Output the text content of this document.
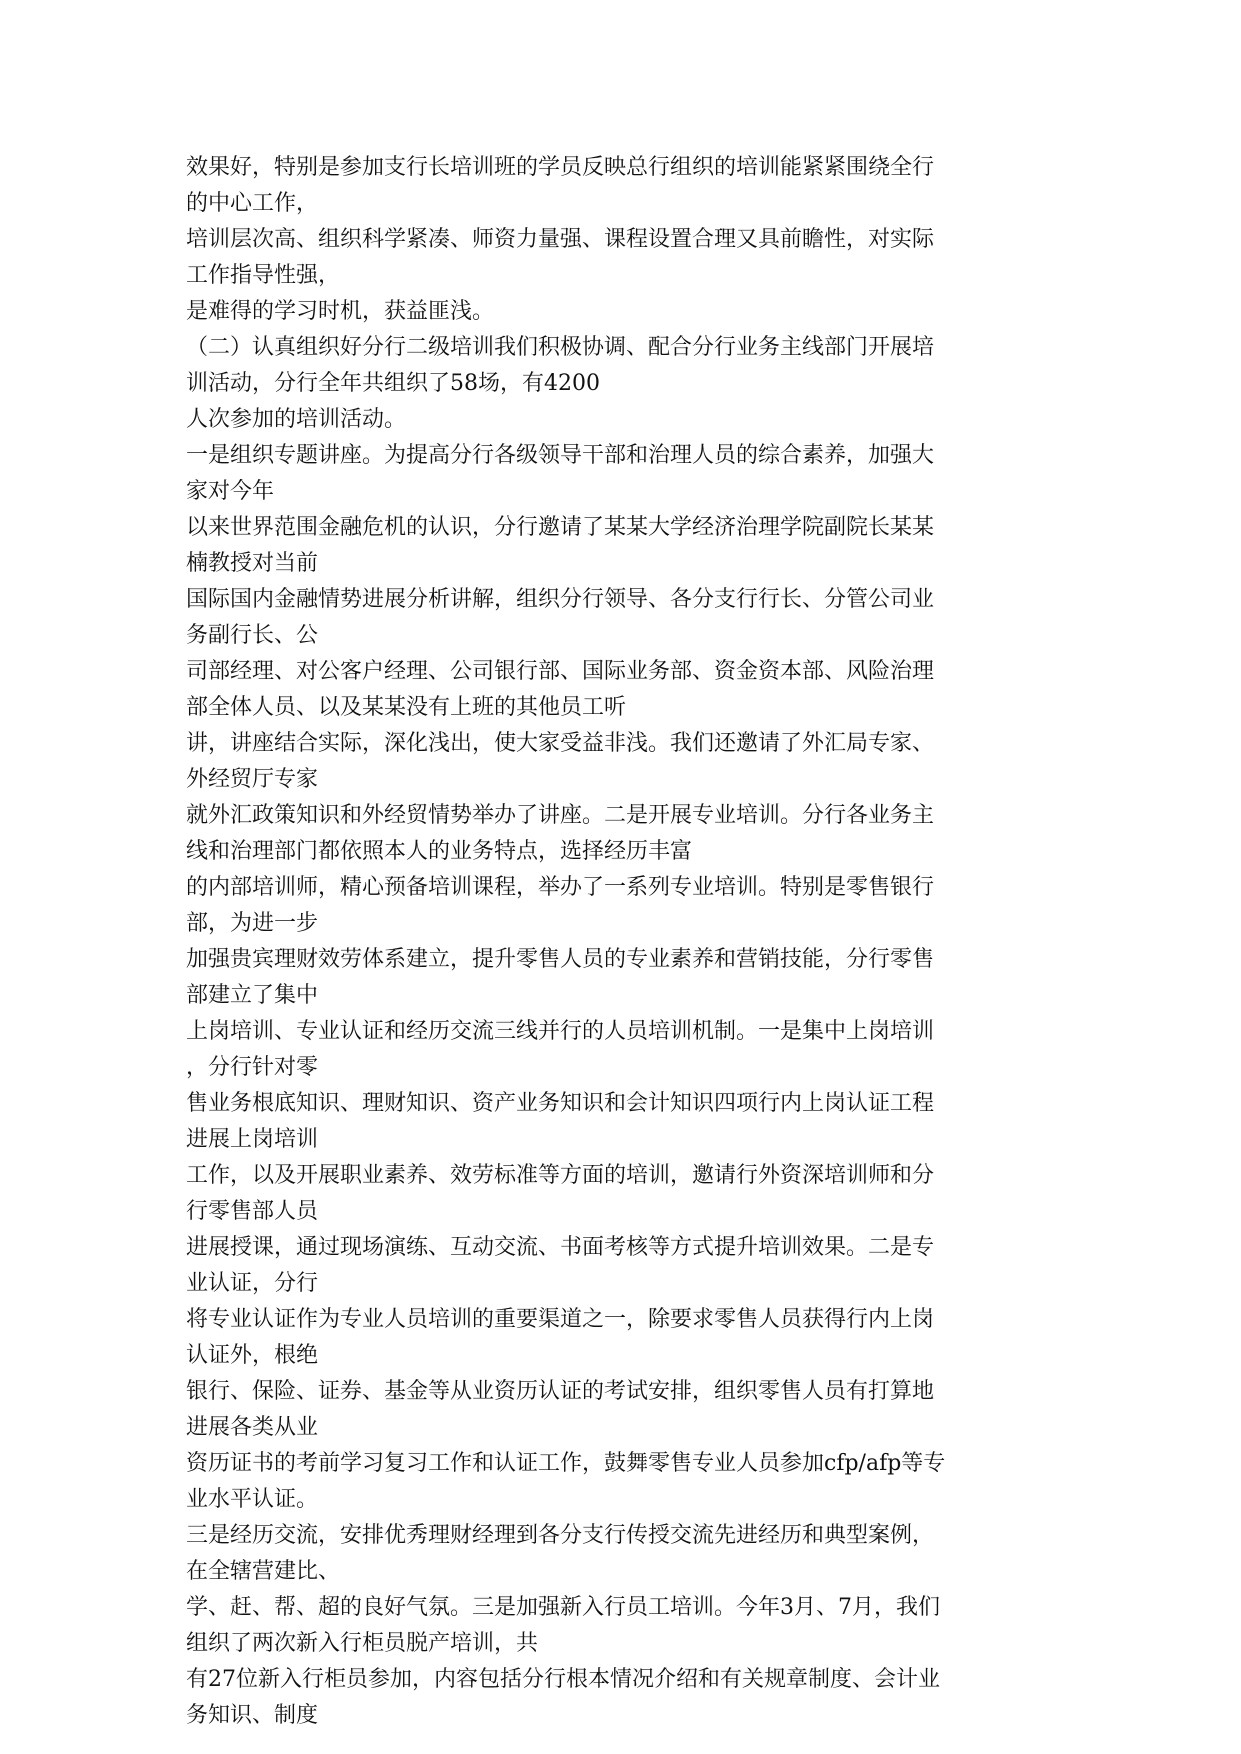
效果好，特别是参加支行长培训班的学员反映总行组织的培训能紧紧围绕全行
的中心工作，
培训层次高、组织科学紧凑、师资力量强、课程设置合理又具前瞻性，对实际
工作指导性强，
是难得的学习时机，获益匪浅。
（二）认真组织好分行二级培训我们积极协调、配合分行业务主线部门开展培
训活动，分行全年共组织了58场，有4200
人次参加的培训活动。
一是组织专题讲座。为提高分行各级领导干部和治理人员的综合素养，加强大
家对今年
以来世界范围金融危机的认识，分行邀请了某某大学经济治理学院副院长某某
楠教授对当前
国际国内金融情势进展分析讲解，组织分行领导、各分支行行长、分管公司业
务副行长、公
司部经理、对公客户经理、公司银行部、国际业务部、资金资本部、风险治理
部全体人员、以及某某没有上班的其他员工听
讲，讲座结合实际，深化浅出，使大家受益非浅。我们还邀请了外汇局专家、
外经贸厅专家
就外汇政策知识和外经贸情势举办了讲座。二是开展专业培训。分行各业务主
线和治理部门都依照本人的业务特点，选择经历丰富
的内部培训师，精心预备培训课程，举办了一系列专业培训。特别是零售银行
部，为进一步
加强贵宾理财效劳体系建立，提升零售人员的专业素养和营销技能，分行零售
部建立了集中
上岗培训、专业认证和经历交流三线并行的人员培训机制。一是集中上岗培训
，分行针对零
售业务根底知识、理财知识、资产业务知识和会计知识四项行内上岗认证工程
进展上岗培训
工作，以及开展职业素养、效劳标准等方面的培训，邀请行外资深培训师和分
行零售部人员
进展授课，通过现场演练、互动交流、书面考核等方式提升培训效果。二是专
业认证，分行
将专业认证作为专业人员培训的重要渠道之一，除要求零售人员获得行内上岗
认证外，根绝
银行、保险、证券、基金等从业资历认证的考试安排，组织零售人员有打算地
进展各类从业
资历证书的考前学习复习工作和认证工作，鼓舞零售专业人员参加cfp/afp等专
业水平认证。
三是经历交流，安排优秀理财经理到各分支行传授交流先进经历和典型案例，
在全辖营建比、
学、赶、帮、超的良好气氛。三是加强新入行员工培训。今年3月、7月，我们
组织了两次新入行柜员脱产培训，共
有27位新入行柜员参加，内容包括分行根本情况介绍和有关规章制度、会计业
务知识、制度
